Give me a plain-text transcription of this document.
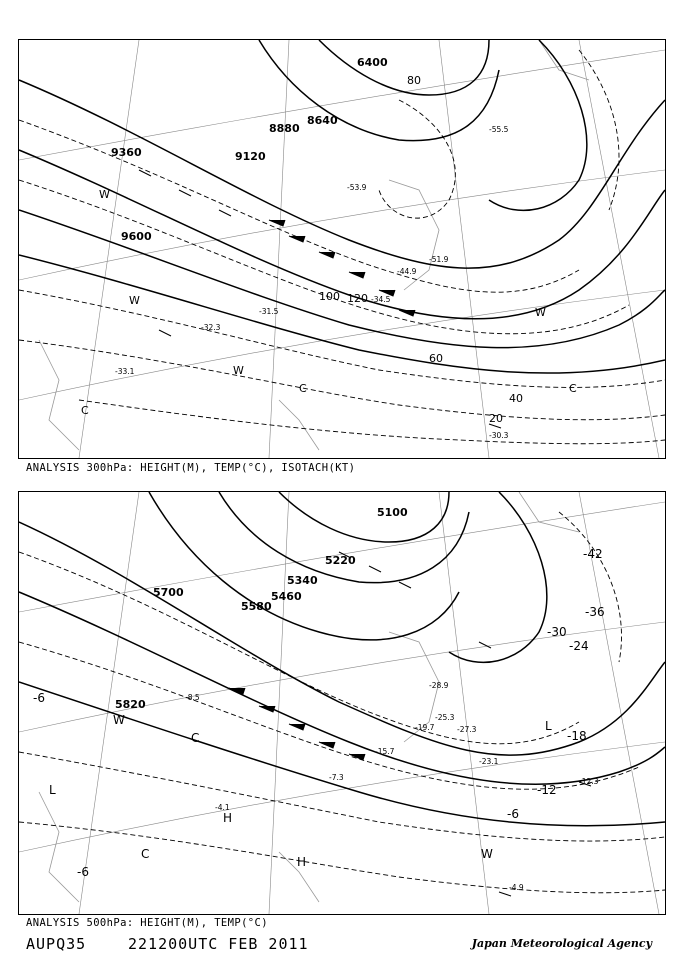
6400
8640
8880
9120
9360
9600
20
40
60
80
100 120
-55.5
-53.9
-51.9
-44.9
-34.5
-32.3
-31.5
-30.3
-33.1
W
W
W
W
C	C
C
ANALYSIS 300hPa: HEIGHT(M), TEMP(°C), ISOTACH(KT)
5100
5220
5340
5460
5580
5700
5820
-42
-36
-30
-24
-18
-12
-6
-6
-6
-28.9
-25.3
-27.3
-23.1
-19.7
-15.7
-12.3
-8.5
-7.3
-4.9
-4.1
L
L
H
H
W
W
C
C
ANALYSIS 500hPa: HEIGHT(M), TEMP(°C)
AUPQ35	221200UTC FEB 2011	Japan Meteorological Agency
